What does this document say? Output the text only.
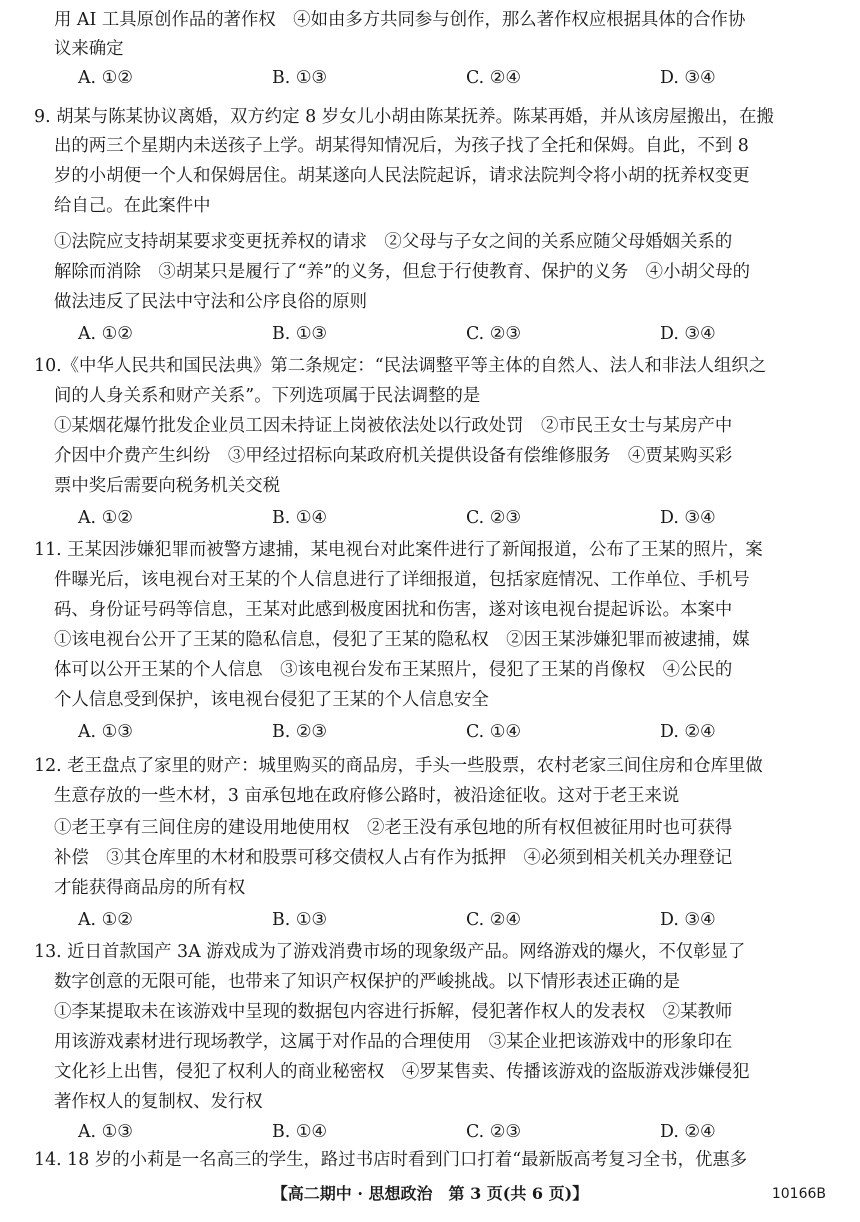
用 AI 工具原创作品的著作权　④如由多方共同参与创作，那么著作权应根据具体的合作协
议来确定
A. ①②	B. ①③	C. ②④	D. ③④
9. 胡某与陈某协议离婚，双方约定 8 岁女儿小胡由陈某抚养。陈某再婚，并从该房屋搬出，在搬
出的两三个星期内未送孩子上学。胡某得知情况后，为孩子找了全托和保姆。自此，不到 8
岁的小胡便一个人和保姆居住。胡某遂向人民法院起诉，请求法院判令将小胡的抚养权变更
给自己。在此案件中
①法院应支持胡某要求变更抚养权的请求　②父母与子女之间的关系应随父母婚姻关系的
解除而消除　③胡某只是履行了“养”的义务，但怠于行使教育、保护的义务　④小胡父母的
做法违反了民法中守法和公序良俗的原则
A. ①②	B. ①③	C. ②③	D. ③④
10.《中华人民共和国民法典》第二条规定：“民法调整平等主体的自然人、法人和非法人组织之
间的人身关系和财产关系”。下列选项属于民法调整的是
①某烟花爆竹批发企业员工因未持证上岗被依法处以行政处罚　②市民王女士与某房产中
介因中介费产生纠纷　③甲经过招标向某政府机关提供设备有偿维修服务　④贾某购买彩
票中奖后需要向税务机关交税
A. ①②	B. ①④	C. ②③	D. ③④
11. 王某因涉嫌犯罪而被警方逮捕，某电视台对此案件进行了新闻报道，公布了王某的照片，案
件曝光后，该电视台对王某的个人信息进行了详细报道，包括家庭情况、工作单位、手机号
码、身份证号码等信息，王某对此感到极度困扰和伤害，遂对该电视台提起诉讼。本案中
①该电视台公开了王某的隐私信息，侵犯了王某的隐私权　②因王某涉嫌犯罪而被逮捕，媒
体可以公开王某的个人信息　③该电视台发布王某照片，侵犯了王某的肖像权　④公民的
个人信息受到保护，该电视台侵犯了王某的个人信息安全
A. ①③	B. ②③	C. ①④	D. ②④
12. 老王盘点了家里的财产：城里购买的商品房，手头一些股票，农村老家三间住房和仓库里做
生意存放的一些木材，3 亩承包地在政府修公路时，被沿途征收。这对于老王来说
①老王享有三间住房的建设用地使用权　②老王没有承包地的所有权但被征用时也可获得
补偿　③其仓库里的木材和股票可移交债权人占有作为抵押　④必须到相关机关办理登记
才能获得商品房的所有权
A. ①②	B. ①③	C. ②④	D. ③④
13. 近日首款国产 3A 游戏成为了游戏消费市场的现象级产品。网络游戏的爆火，不仅彰显了
数字创意的无限可能，也带来了知识产权保护的严峻挑战。以下情形表述正确的是
①李某提取未在该游戏中呈现的数据包内容进行拆解，侵犯著作权人的发表权　②某教师
用该游戏素材进行现场教学，这属于对作品的合理使用　③某企业把该游戏中的形象印在
文化衫上出售，侵犯了权利人的商业秘密权　④罗某售卖、传播该游戏的盗版游戏涉嫌侵犯
著作权人的复制权、发行权
A. ①③	B. ①④	C. ②③	D. ②④
14. 18 岁的小莉是一名高三的学生，路过书店时看到门口打着“最新版高考复习全书，优惠多
【高二期中 · 思想政治　第 3 页(共 6 页)】	10166B
